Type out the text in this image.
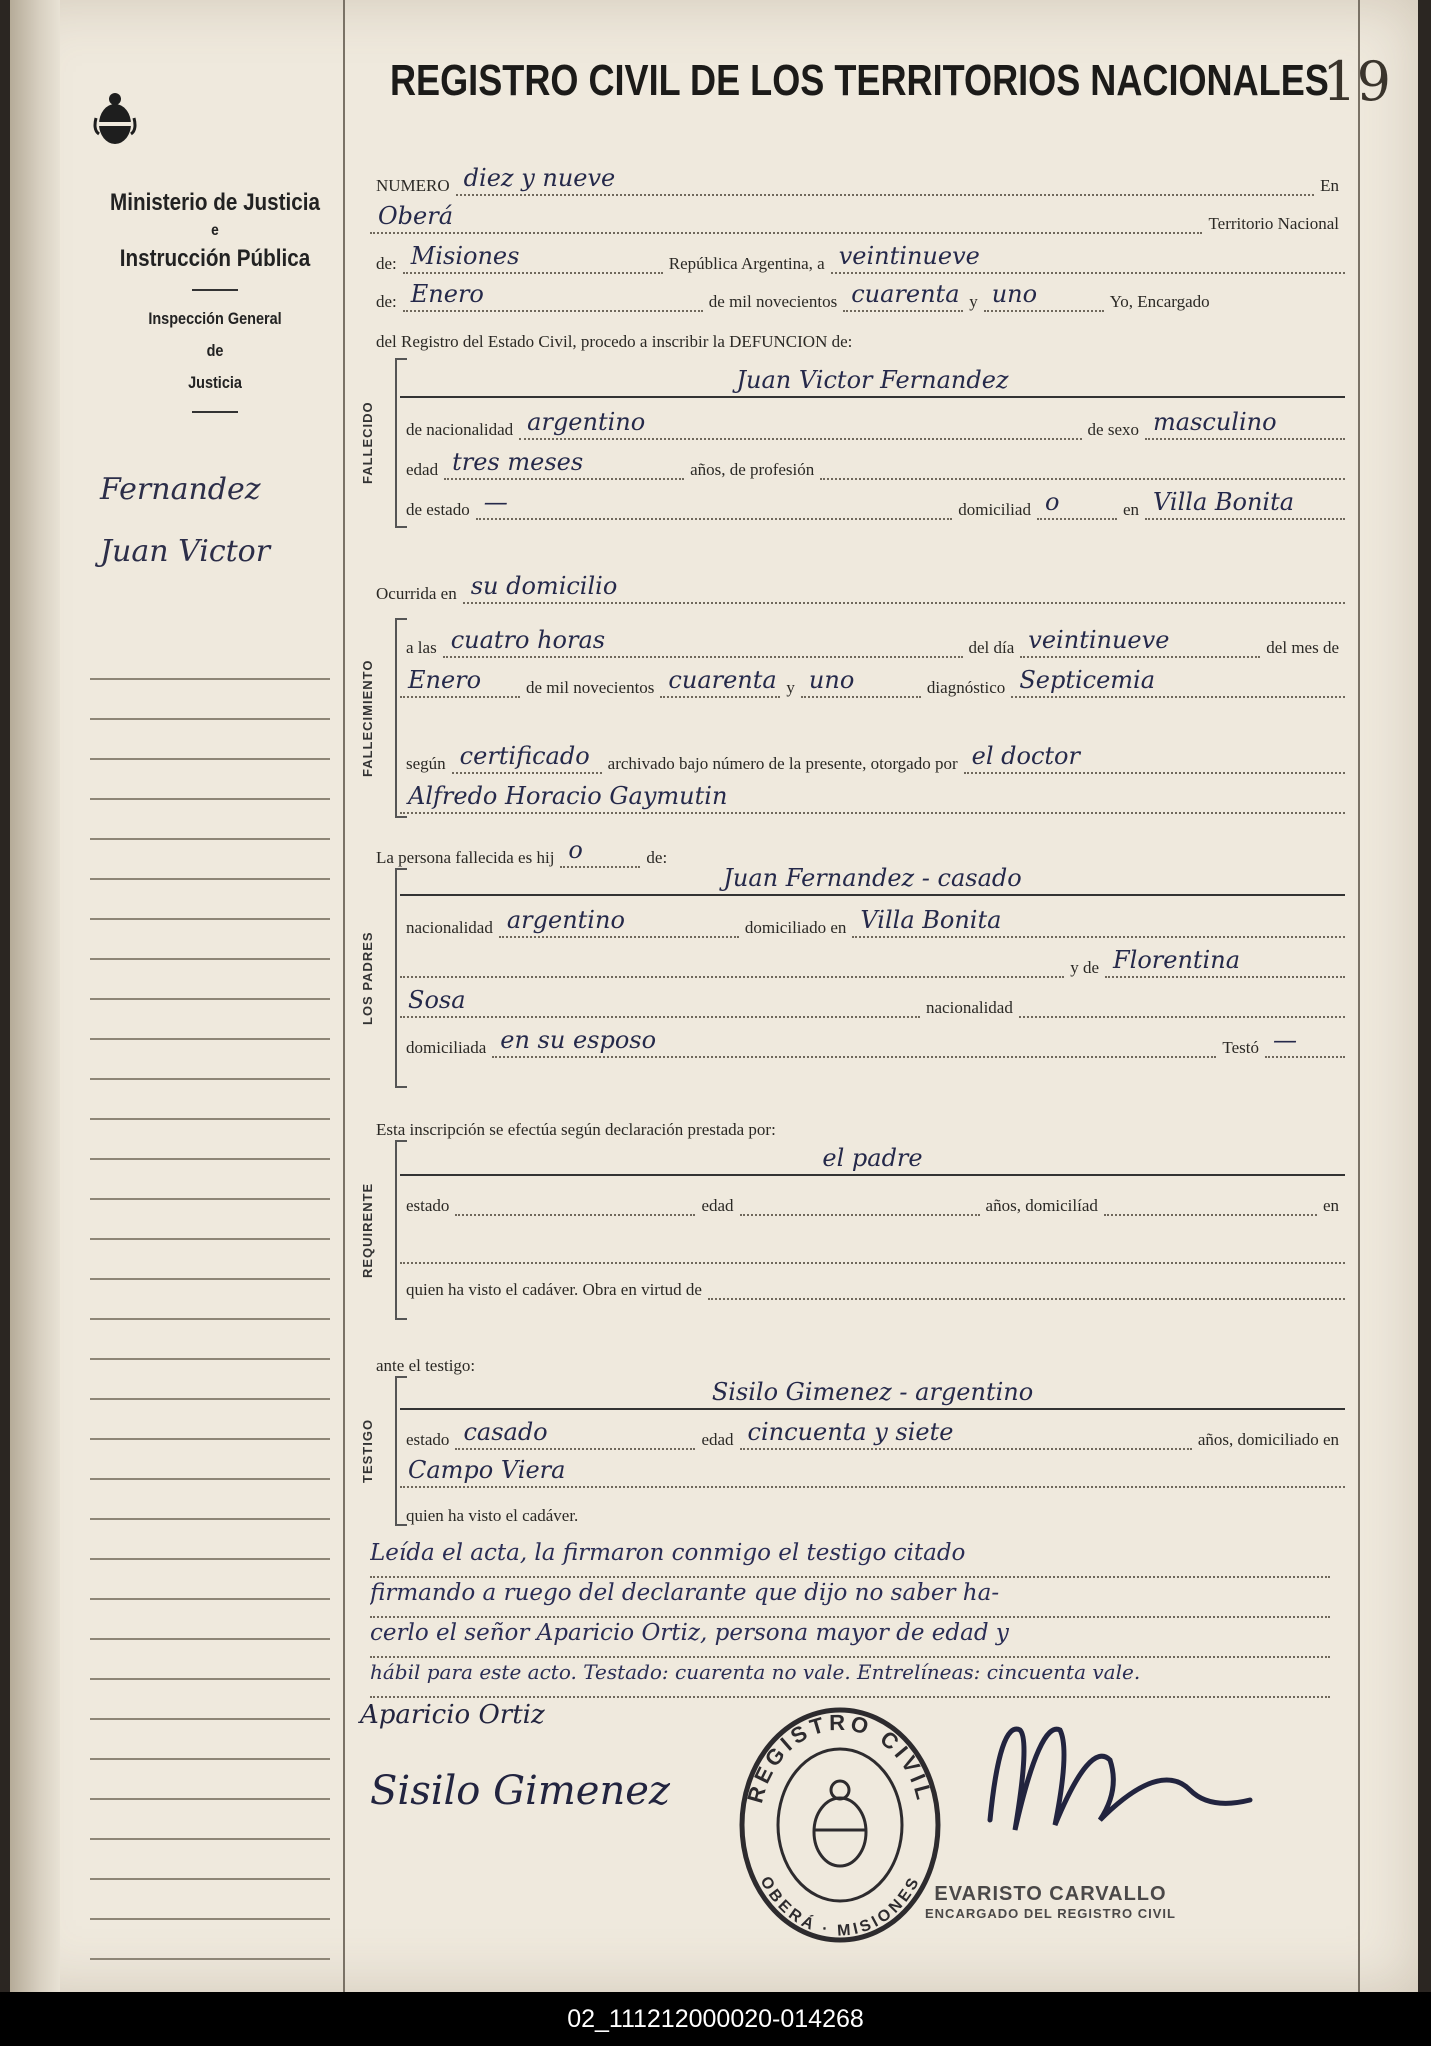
19
Ministerio de Justicia
e
Instrucción Pública
Inspección General
de
Justicia
Fernandez
Juan Victor
REGISTRO CIVIL DE LOS TERRITORIOS NACIONALES
NUMERO diez y nueve	En
Oberá	Territorio Nacional
de: Misiones	República Argentina, a veintinueve
de: Enero	de mil novecientos cuarenta y uno	Yo, Encargado
del Registro del Estado Civil, procedo a inscribir la DEFUNCION de:
FALLECIDO
Juan Victor Fernandez
de nacionalidad argentino	de sexo masculino
edad tres meses	años, de profesión
de estado —	domiciliad o	en Villa Bonita
Ocurrida en su domicilio
FALLECIMIENTO
a las cuatro horas	del día veintinueve	del mes de
Enero	de mil novecientos cuarenta y uno	diagnóstico Septicemia
según certificado	archivado bajo número de la presente, otorgado por el doctor
Alfredo Horacio Gaymutin
La persona fallecida es hij o	de:
LOS PADRES
Juan Fernandez - casado
nacionalidad argentino	domiciliado en Villa Bonita
y de Florentina
Sosa	nacionalidad
domiciliada en su esposo	Testó —
Esta inscripción se efectúa según declaración prestada por:
REQUIRENTE
el padre
estado	edad	años, domicilíad	en
quien ha visto el cadáver. Obra en virtud de
ante el testigo:
TESTIGO
Sisilo Gimenez - argentino
estado casado	edad cincuenta y siete	años, domiciliado en
Campo Viera
quien ha visto el cadáver.
Leída el acta, la firmaron conmigo el testigo citado
firmando a ruego del declarante que dijo no saber ha-
cerlo el señor Aparicio Ortiz, persona mayor de edad y
hábil para este acto. Testado: cuarenta no vale. Entrelíneas: cincuenta vale.
Aparicio Ortiz
Sisilo Gimenez	REGISTRO CIVIL
OBERÁ · MISIONES EVARISTO CARVALLO
ENCARGADO DEL REGISTRO CIVIL
02_111212000020-014268
